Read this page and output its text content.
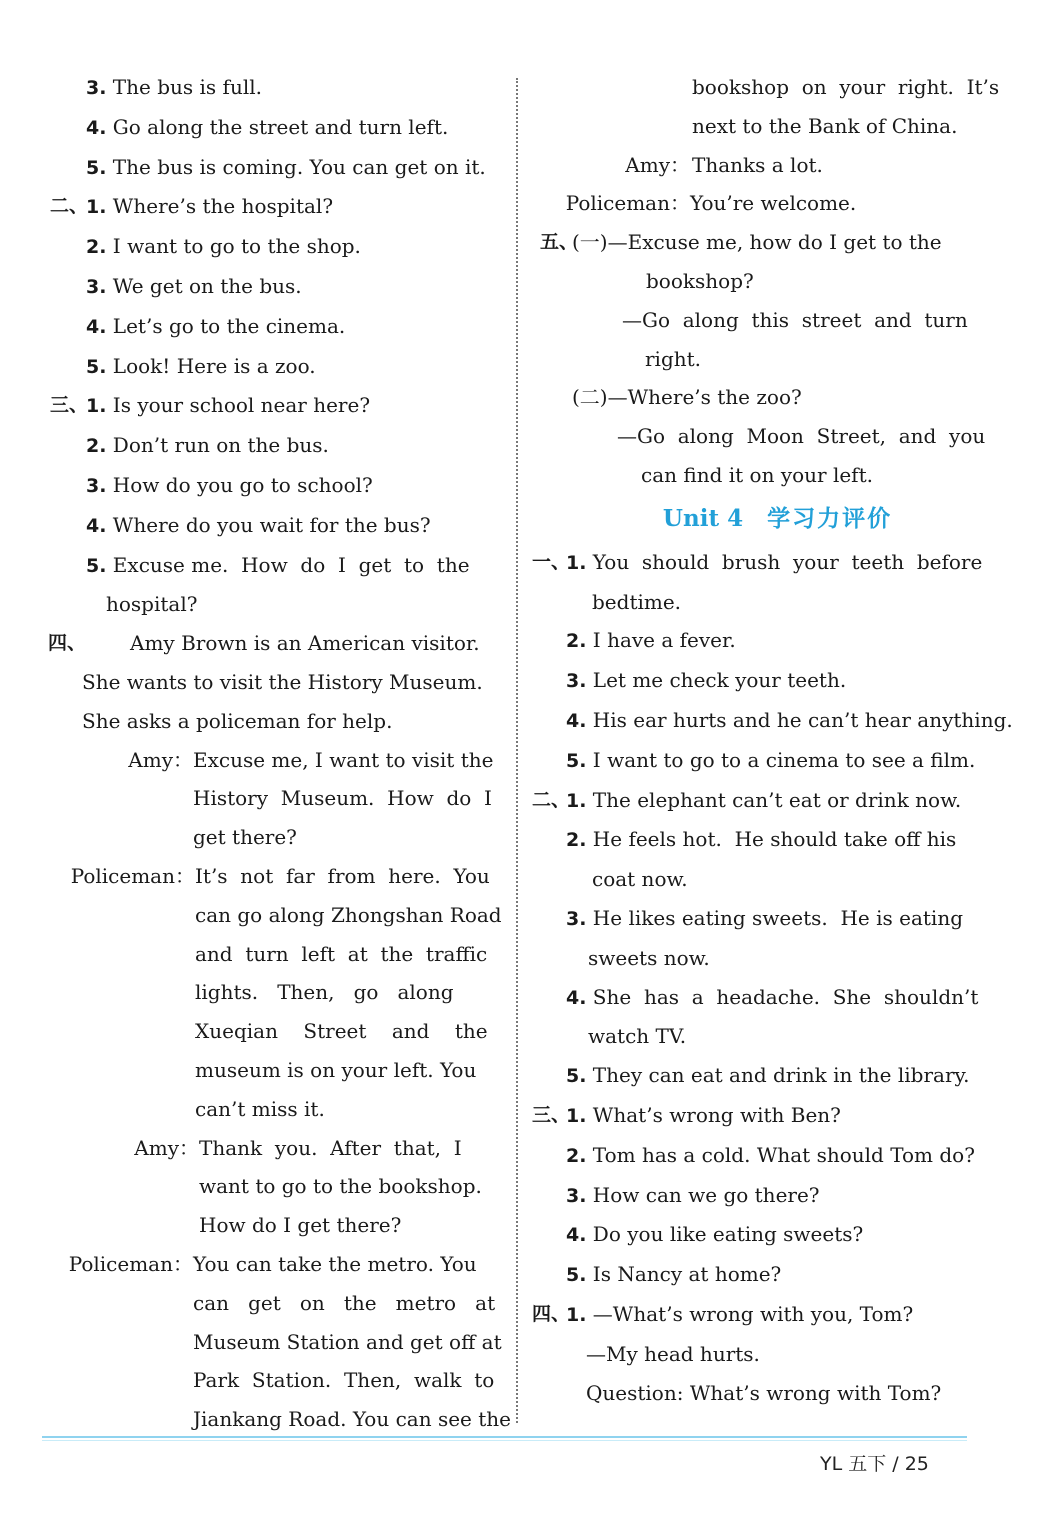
3. The bus is full.
4. Go along the street and turn left.
5. The bus is coming. You can get on it.
二、
1. Where’s the hospital?
2. I want to go to the shop.
3. We get on the bus.
4. Let’s go to the cinema.
5. Look! Here is a zoo.
三、
1. Is your school near here?
2. Don’t run on the bus.
3. How do you go to school?
4. Where do you wait for the bus?
5. Excuse me.  How  do  I  get  to  the
hospital?
四、 Amy Brown is an American visitor.
She wants to visit the History Museum.
She asks a policeman for help.
Amy： Excuse me, I want to visit the
History  Museum.  How  do  I
get there?
Policeman： It’s  not  far  from  here.  You
can go along Zhongshan Road
and  turn  left  at  the  traffic
lights.   Then,   go   along
Xueqian    Street    and    the
museum is on your left. You
can’t miss it.
Amy： Thank  you.  After  that,  I
want to go to the bookshop.
How do I get there?
Policeman： You can take the metro. You
can   get   on   the   metro   at
Museum Station and get off at
Park  Station.  Then,  walk  to
Jiankang Road. You can see the
bookshop  on  your  right.  It’s
next to the Bank of China.
Amy： Thanks a lot.
Policeman： You’re welcome.
五、
(一)—Excuse me, how do I get to the
bookshop?
—Go  along  this  street  and  turn
right.
(二)—Where’s the zoo?
—Go  along  Moon  Street,  and  you
can find it on your left.
Unit 4 学习力评价
一、
1. You  should  brush  your  teeth  before
bedtime.
2. I have a fever.
3. Let me check your teeth.
4. His ear hurts and he can’t hear anything.
5. I want to go to a cinema to see a film.
二、
1. The elephant can’t eat or drink now.
2. He feels hot.  He should take off his
coat now.
3. He likes eating sweets.  He is eating
sweets now.
4. She  has  a  headache.  She  shouldn’t
watch TV.
5. They can eat and drink in the library.
三、
1. What’s wrong with Ben?
2. Tom has a cold. What should Tom do?
3. How can we go there?
4. Do you like eating sweets?
5. Is Nancy at home?
四、
1. —What’s wrong with you, Tom?
—My head hurts.
Question: What’s wrong with Tom?
YL 五下 / 25
